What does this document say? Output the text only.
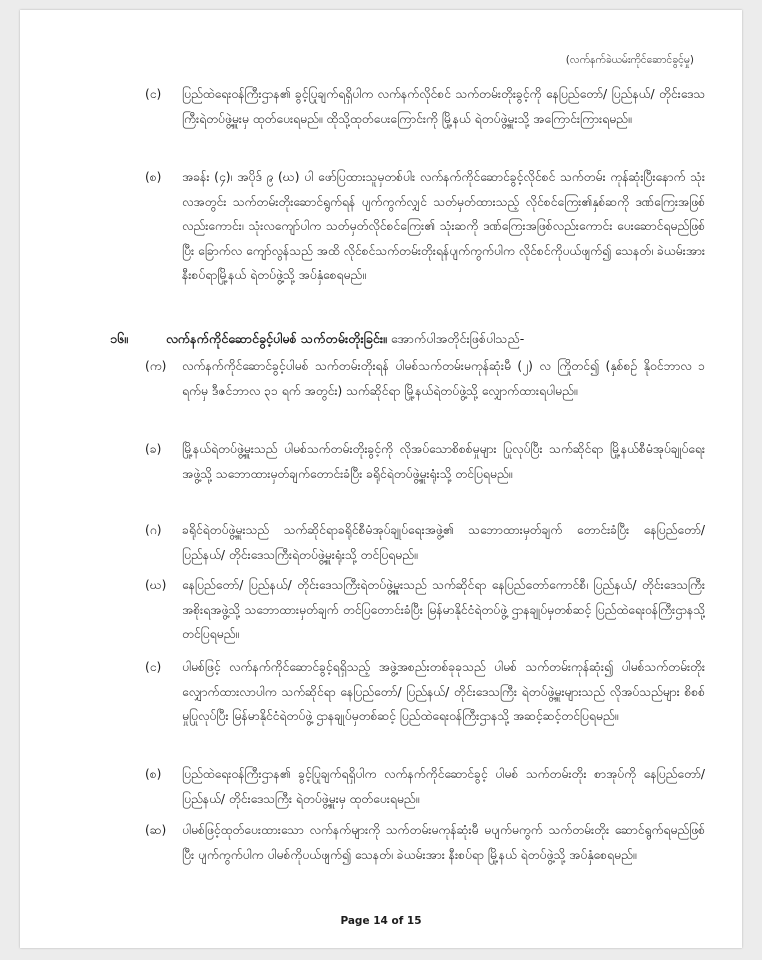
(လက်နက်ခဲယမ်းကိုင်ဆောင်ခွင့်မှု)
(င) ပြည်ထဲရေးဝန်ကြီးဌာန၏ ခွင့်ပြုချက်ရရှိပါက လက်နက်လိုင်စင် သက်တမ်းတိုးခွင့်ကို နေပြည်တော်/ ပြည်နယ်/ တိုင်းဒေသကြီးရဲတပ်ဖွဲ့မှူးမှ ထုတ်ပေးရမည်။ ထိုသို့ထုတ်ပေးကြောင်းကို မြို့နယ် ရဲတပ်ဖွဲ့မှူးသို့ အကြောင်းကြားရမည်။
(စ) အခန်း (၄)၊ အပိုဒ် ၉ (ဃ) ပါ ဖော်ပြထားသူမှတစ်ပါး လက်နက်ကိုင်ဆောင်ခွင့်လိုင်စင် သက်တမ်း ကုန်ဆုံးပြီးနောက် သုံးလအတွင်း သက်တမ်းတိုးဆောင်ရွက်ရန် ပျက်ကွက်လျှင် သတ်မှတ်ထားသည့် လိုင်စင်ကြေး၏နှစ်ဆကို ဒဏ်ကြေးအဖြစ်လည်းကောင်း၊ သုံးလကျော်ပါက သတ်မှတ်လိုင်စင်ကြေး၏ သုံးဆကို ဒဏ်ကြေးအဖြစ်လည်းကောင်း ပေးဆောင်ရမည်ဖြစ်ပြီး ခြောက်လ ကျော်လွန်သည် အထိ လိုင်စင်သက်တမ်းတိုးရန်ပျက်ကွက်ပါက လိုင်စင်ကိုပယ်ဖျက်၍ သေနတ်၊ ခဲယမ်းအား နီးစပ်ရာမြို့နယ် ရဲတပ်ဖွဲ့သို့ အပ်နှံစေရမည်။
၁၆။	လက်နက်ကိုင်ဆောင်ခွင့်ပါမစ် သက်တမ်းတိုးခြင်း။ အောက်ပါအတိုင်းဖြစ်ပါသည်-
(က) လက်နက်ကိုင်ဆောင်ခွင့်ပါမစ် သက်တမ်းတိုးရန် ပါမစ်သက်တမ်းမကုန်ဆုံးမီ (၂) လ ကြိုတင်၍ (နှစ်စဉ် နိုဝင်ဘာလ ၁ ရက်မှ ဒီဇင်ဘာလ ၃၁ ရက် အတွင်း) သက်ဆိုင်ရာ မြို့နယ်ရဲတပ်ဖွဲ့သို့ လျှောက်ထားရပါမည်။
(ခ) မြို့နယ်ရဲတပ်ဖွဲ့မှူးသည် ပါမစ်သက်တမ်းတိုးခွင့်ကို လိုအပ်သောစိစစ်မှုများ ပြုလုပ်ပြီး သက်ဆိုင်ရာ မြို့နယ်စီမံအုပ်ချုပ်ရေးအဖွဲ့သို့ သဘောထားမှတ်ချက်တောင်းခံပြီး ခရိုင်ရဲတပ်ဖွဲ့မှူးရုံးသို့ တင်ပြရမည်။
(ဂ) ခရိုင်ရဲတပ်ဖွဲ့မှူးသည် သက်ဆိုင်ရာခရိုင်စီမံအုပ်ချုပ်ရေးအဖွဲ့၏ သဘောထားမှတ်ချက် တောင်းခံပြီး နေပြည်တော်/ ပြည်နယ်/ တိုင်းဒေသကြီးရဲတပ်ဖွဲ့မှူးရုံးသို့ တင်ပြရမည်။
(ဃ) နေပြည်တော်/ ပြည်နယ်/ တိုင်းဒေသကြီးရဲတပ်ဖွဲ့မှူးသည် သက်ဆိုင်ရာ နေပြည်တော်ကောင်စီ၊ ပြည်နယ်/ တိုင်းဒေသကြီးအစိုးရအဖွဲ့သို့ သဘောထားမှတ်ချက် တင်ပြတောင်းခံပြီး မြန်မာနိုင်ငံရဲတပ်ဖွဲ့ ဌာနချုပ်မှတစ်ဆင့် ပြည်ထဲရေးဝန်ကြီးဌာနသို့ တင်ပြရမည်။
(င) ပါမစ်ဖြင့် လက်နက်ကိုင်ဆောင်ခွင့်ရရှိသည့် အဖွဲ့အစည်းတစ်ခုခုသည် ပါမစ် သက်တမ်းကုန်ဆုံး၍ ပါမစ်သက်တမ်းတိုးလျှောက်ထားလာပါက သက်ဆိုင်ရာ နေပြည်တော်/ ပြည်နယ်/ တိုင်းဒေသကြီး ရဲတပ်ဖွဲ့မှူးများသည် လိုအပ်သည်များ စိစစ်မှုပြုလုပ်ပြီး မြန်မာနိုင်ငံရဲတပ်ဖွဲ့ ဌာနချုပ်မှတစ်ဆင့် ပြည်ထဲရေးဝန်ကြီးဌာနသို့ အဆင့်ဆင့်တင်ပြရမည်။
(စ) ပြည်ထဲရေးဝန်ကြီးဌာန၏ ခွင့်ပြုချက်ရရှိပါက လက်နက်ကိုင်ဆောင်ခွင့် ပါမစ် သက်တမ်းတိုး စာအုပ်ကို နေပြည်တော်/ ပြည်နယ်/ တိုင်းဒေသကြီး ရဲတပ်ဖွဲ့မှူးမှ ထုတ်ပေးရမည်။
(ဆ) ပါမစ်ဖြင့်ထုတ်ပေးထားသော လက်နက်များကို သက်တမ်းမကုန်ဆုံးမီ မပျက်မကွက် သက်တမ်းတိုး ဆောင်ရွက်ရမည်ဖြစ်ပြီး ပျက်ကွက်ပါက ပါမစ်ကိုပယ်ဖျက်၍ သေနတ်၊ ခဲယမ်းအား နီးစပ်ရာ မြို့နယ် ရဲတပ်ဖွဲ့သို့ အပ်နှံစေရမည်။
Page 14 of 15
